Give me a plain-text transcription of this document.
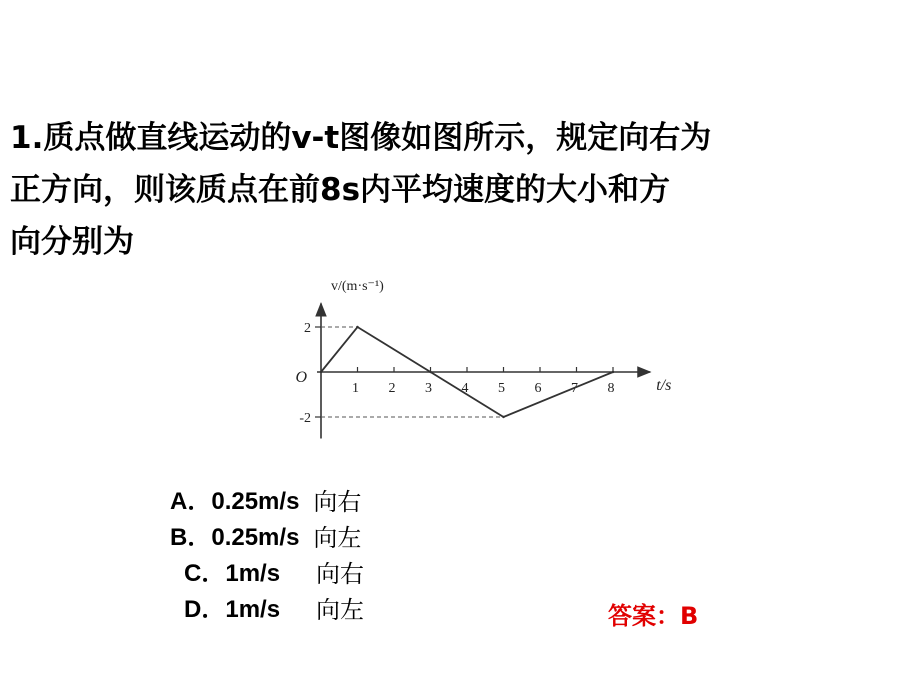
1.质点做直线运动的v-t图像如图所示，规定向右为
正方向，则该质点在前8s内平均速度的大小和方
向分别为
1 2 3 4 5 6 7 8
2
-2
O
v/(m·s⁻¹)
t/s
A． 0.25m/s 向右
B． 0.25m/s 向左
C． 1m/s 向右
D． 1m/s 向左	答案：B
